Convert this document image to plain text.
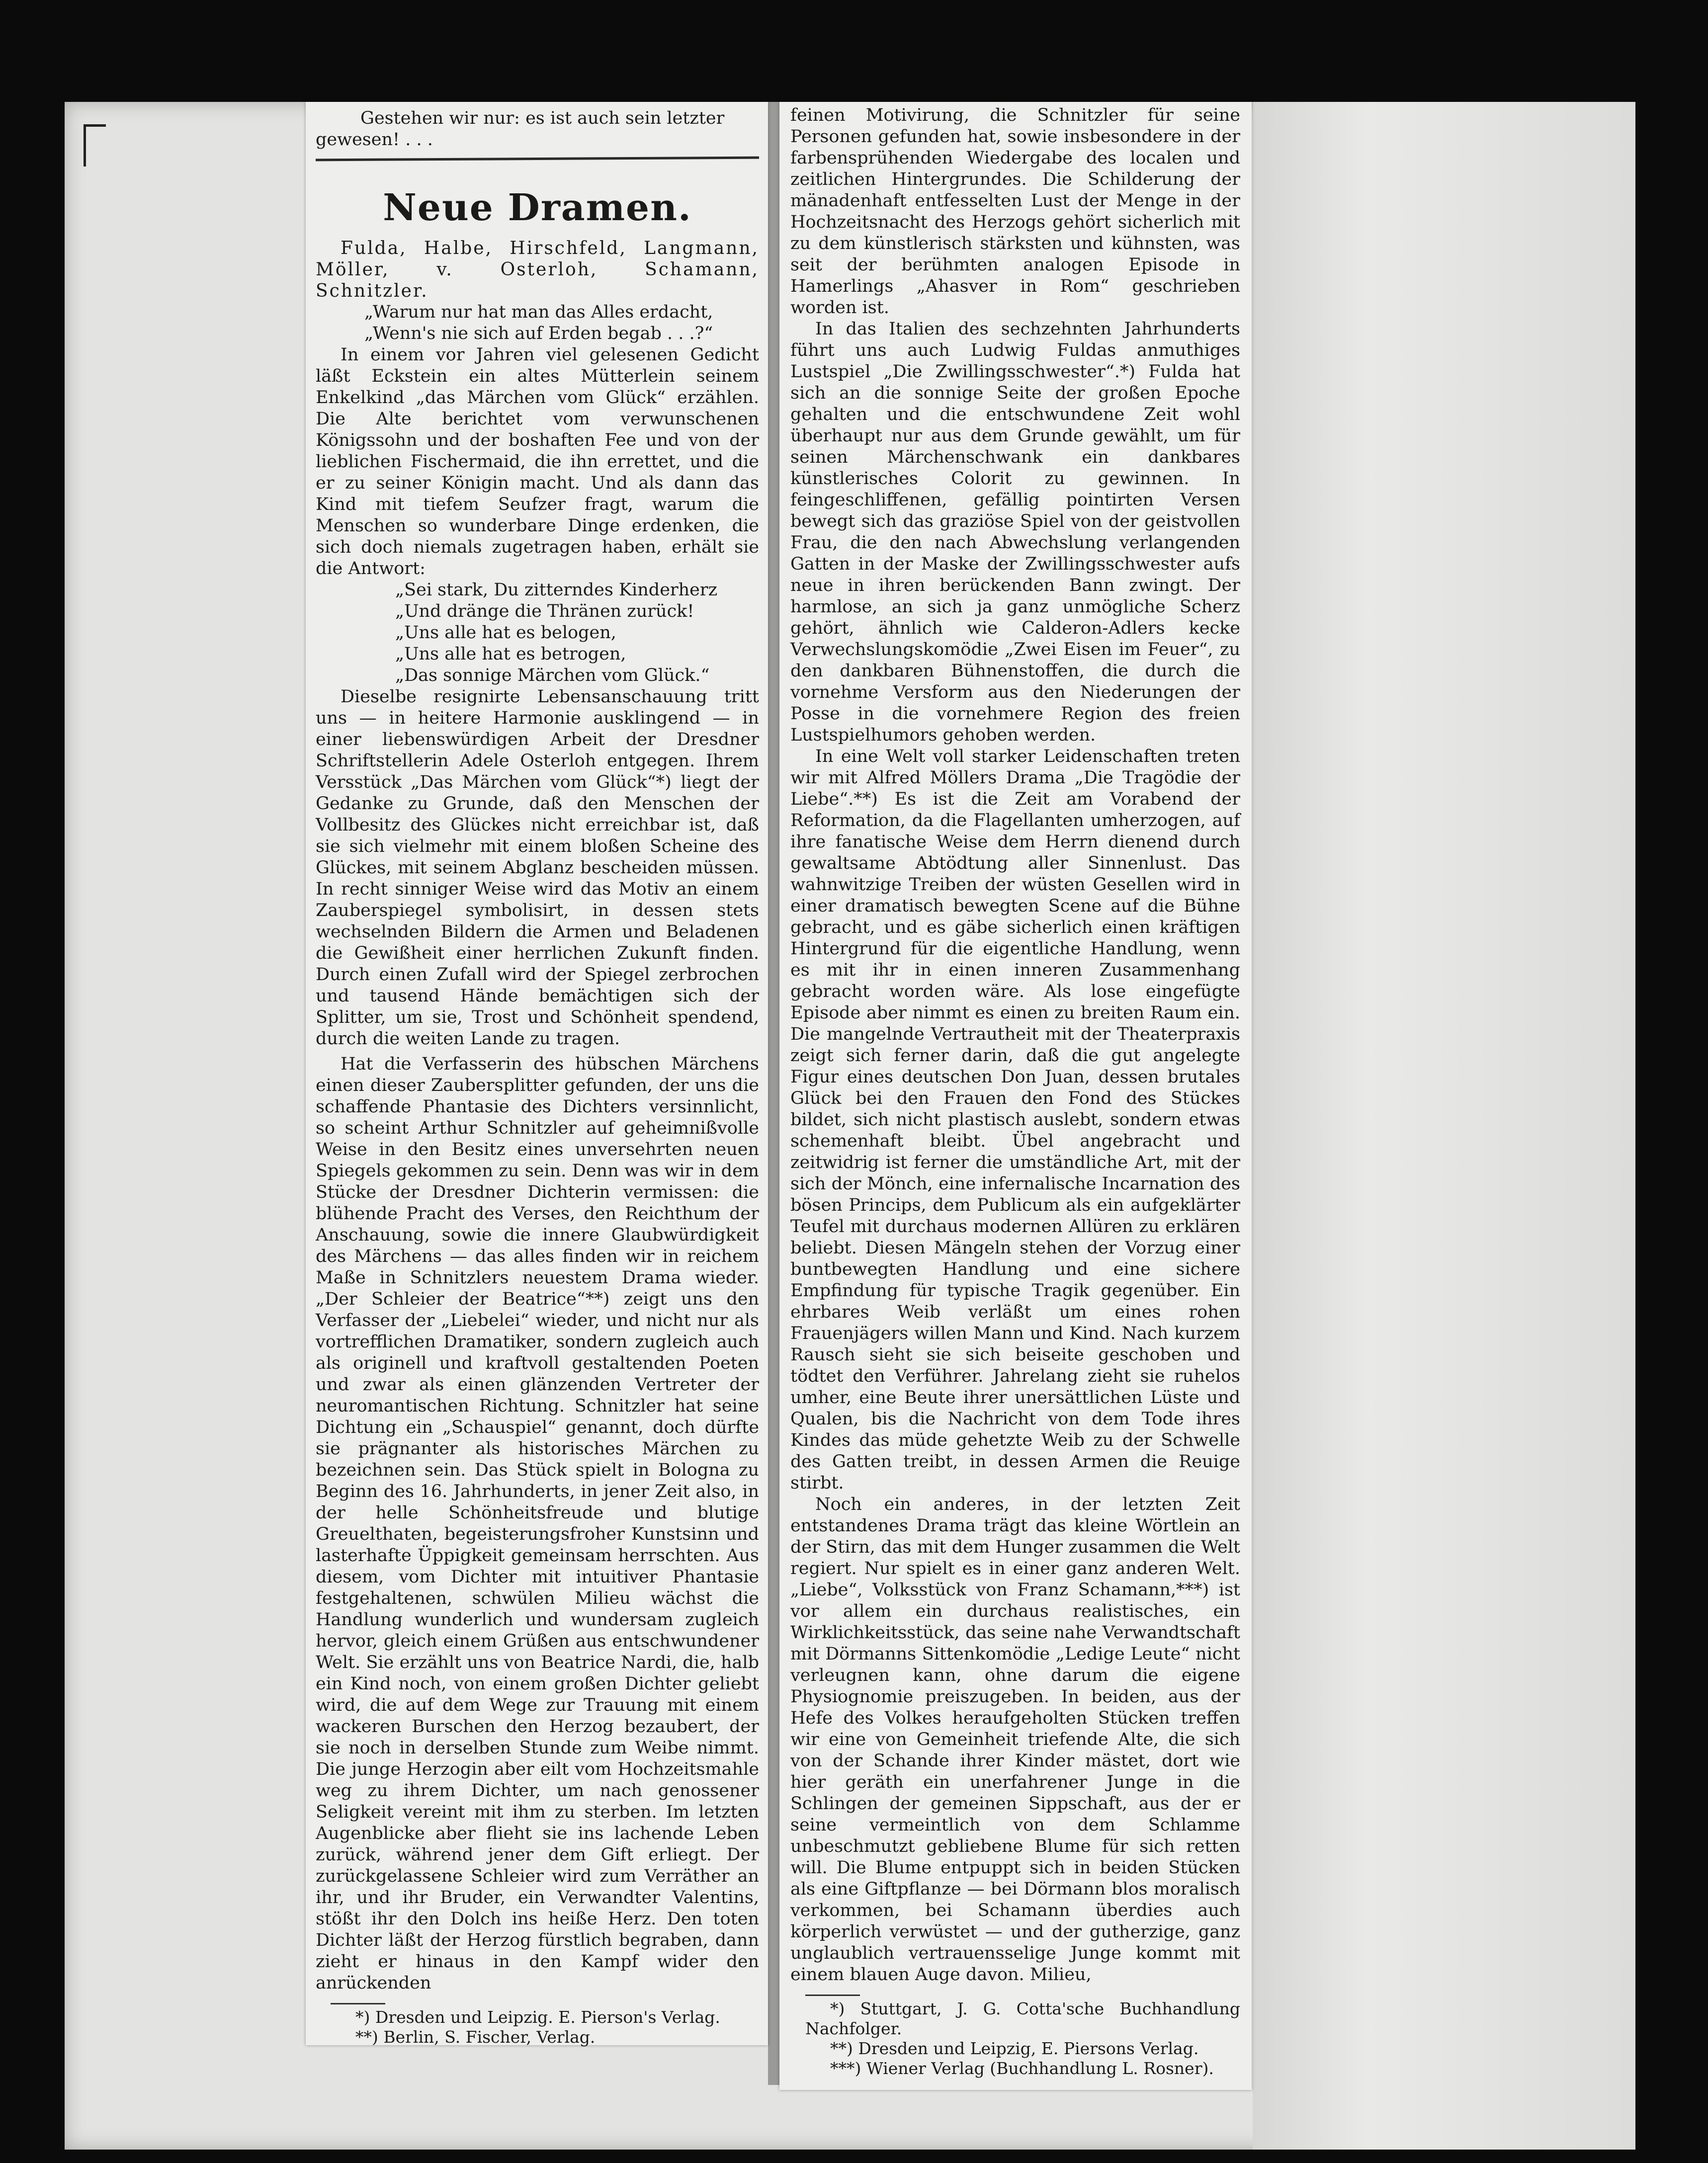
Gestehen wir nur: es ist auch sein letzter

gewesen! . . .

Neue Dramen.

Fulda, Halbe, Hirschfeld, Langmann, Möller, v. Osterloh, Schamann, Schnitzler.

„Warum nur hat man das Alles erdacht,

„Wenn's nie sich auf Erden begab . . .?“

In einem vor Jahren viel gelesenen Gedicht läßt Eckstein ein altes Mütterlein seinem Enkelkind „das Märchen vom Glück“ erzählen. Die Alte berichtet vom verwunschenen Königssohn und der boshaften Fee und von der lieblichen Fischermaid, die ihn errettet, und die er zu seiner Königin macht. Und als dann das Kind mit tiefem Seufzer fragt, warum die Menschen so wunderbare Dinge erdenken, die sich doch niemals zugetragen haben, erhält sie die Antwort:

„Sei stark, Du zitterndes Kinderherz

„Und dränge die Thränen zurück!

„Uns alle hat es belogen,

„Uns alle hat es betrogen,

„Das sonnige Märchen vom Glück.“

Dieselbe resignirte Lebensanschauung tritt uns — in heitere Harmonie ausklingend — in einer liebenswürdigen Arbeit der Dresdner Schriftstellerin Adele Osterloh entgegen. Ihrem Versstück „Das Märchen vom Glück“*) liegt der Gedanke zu Grunde, daß den Menschen der Vollbesitz des Glückes nicht erreichbar ist, daß sie sich vielmehr mit einem bloßen Scheine des Glückes, mit seinem Abglanz bescheiden müssen. In recht sinniger Weise wird das Motiv an einem Zauberspiegel symbolisirt, in dessen stets wechselnden Bildern die Armen und Beladenen die Gewißheit einer herrlichen Zukunft finden. Durch einen Zufall wird der Spiegel zerbrochen und tausend Hände bemächtigen sich der Splitter, um sie, Trost und Schönheit spendend, durch die weiten Lande zu tragen.

Hat die Verfasserin des hübschen Märchens einen dieser Zaubersplitter gefunden, der uns die schaffende Phantasie des Dichters versinnlicht, so scheint Arthur Schnitzler auf geheimnißvolle Weise in den Besitz eines unversehrten neuen Spiegels gekommen zu sein. Denn was wir in dem Stücke der Dresdner Dichterin vermissen: die blühende Pracht des Verses, den Reichthum der Anschauung, sowie die innere Glaubwürdigkeit des Märchens — das alles finden wir in reichem Maße in Schnitzlers neuestem Drama wieder. „Der Schleier der Beatrice“**) zeigt uns den Verfasser der „Liebelei“ wieder, und nicht nur als vortrefflichen Dramatiker, sondern zugleich auch als originell und kraftvoll gestaltenden Poeten und zwar als einen glänzenden Vertreter der neuromantischen Richtung. Schnitzler hat seine Dichtung ein „Schauspiel“ genannt, doch dürfte sie prägnanter als historisches Märchen zu bezeichnen sein. Das Stück spielt in Bologna zu Beginn des 16. Jahrhunderts, in jener Zeit also, in der helle Schönheitsfreude und blutige Greuelthaten, begeisterungsfroher Kunstsinn und lasterhafte Üppigkeit gemeinsam herrschten. Aus diesem, vom Dichter mit intuitiver Phantasie festgehaltenen, schwülen Milieu wächst die Handlung wunderlich und wundersam zugleich hervor, gleich einem Grüßen aus entschwundener Welt. Sie erzählt uns von Beatrice Nardi, die, halb ein Kind noch, von einem großen Dichter geliebt wird, die auf dem Wege zur Trauung mit einem wackeren Burschen den Herzog bezaubert, der sie noch in derselben Stunde zum Weibe nimmt. Die junge Herzogin aber eilt vom Hochzeitsmahle weg zu ihrem Dichter, um nach genossener Seligkeit vereint mit ihm zu sterben. Im letzten Augenblicke aber flieht sie ins lachende Leben zurück, während jener dem Gift erliegt. Der zurückgelassene Schleier wird zum Verräther an ihr, und ihr Bruder, ein Verwandter Valentins, stößt ihr den Dolch ins heiße Herz. Den toten Dichter läßt der Herzog fürstlich begraben, dann zieht er hinaus in den Kampf wider den anrückenden

*) Dresden und Leipzig. E. Pierson's Verlag.

**) Berlin, S. Fischer, Verlag.

feinen Motivirung, die Schnitzler für seine Personen gefunden hat, sowie insbesondere in der farbensprühenden Wiedergabe des localen und zeitlichen Hintergrundes. Die Schilderung der mänadenhaft entfesselten Lust der Menge in der Hochzeitsnacht des Herzogs gehört sicherlich mit zu dem künstlerisch stärksten und kühnsten, was seit der berühmten analogen Episode in Hamerlings „Ahasver in Rom“ geschrieben worden ist.

In das Italien des sechzehnten Jahrhunderts führt uns auch Ludwig Fuldas anmuthiges Lustspiel „Die Zwillingsschwester“.*) Fulda hat sich an die sonnige Seite der großen Epoche gehalten und die entschwundene Zeit wohl überhaupt nur aus dem Grunde gewählt, um für seinen Märchenschwank ein dankbares künstlerisches Colorit zu gewinnen. In feingeschliffenen, gefällig pointirten Versen bewegt sich das graziöse Spiel von der geistvollen Frau, die den nach Abwechslung verlangenden Gatten in der Maske der Zwillingsschwester aufs neue in ihren berückenden Bann zwingt. Der harmlose, an sich ja ganz unmögliche Scherz gehört, ähnlich wie Calderon-Adlers kecke Verwechslungskomödie „Zwei Eisen im Feuer“, zu den dankbaren Bühnenstoffen, die durch die vornehme Versform aus den Niederungen der Posse in die vornehmere Region des freien Lustspielhumors gehoben werden.

In eine Welt voll starker Leidenschaften treten wir mit Alfred Möllers Drama „Die Tragödie der Liebe“.**) Es ist die Zeit am Vorabend der Reformation, da die Flagellanten umherzogen, auf ihre fanatische Weise dem Herrn dienend durch gewaltsame Abtödtung aller Sinnenlust. Das wahnwitzige Treiben der wüsten Gesellen wird in einer dramatisch bewegten Scene auf die Bühne gebracht, und es gäbe sicherlich einen kräftigen Hintergrund für die eigentliche Handlung, wenn es mit ihr in einen inneren Zusammenhang gebracht worden wäre. Als lose eingefügte Episode aber nimmt es einen zu breiten Raum ein. Die mangelnde Vertrautheit mit der Theaterpraxis zeigt sich ferner darin, daß die gut angelegte Figur eines deutschen Don Juan, dessen brutales Glück bei den Frauen den Fond des Stückes bildet, sich nicht plastisch auslebt, sondern etwas schemenhaft bleibt. Übel angebracht und zeitwidrig ist ferner die umständliche Art, mit der sich der Mönch, eine infernalische Incarnation des bösen Princips, dem Publicum als ein aufgeklärter Teufel mit durchaus modernen Allüren zu erklären beliebt. Diesen Mängeln stehen der Vorzug einer buntbewegten Handlung und eine sichere Empfindung für typische Tragik gegenüber. Ein ehrbares Weib verläßt um eines rohen Frauenjägers willen Mann und Kind. Nach kurzem Rausch sieht sie sich beiseite geschoben und tödtet den Verführer. Jahrelang zieht sie ruhelos umher, eine Beute ihrer unersättlichen Lüste und Qualen, bis die Nachricht von dem Tode ihres Kindes das müde gehetzte Weib zu der Schwelle des Gatten treibt, in dessen Armen die Reuige stirbt.

Noch ein anderes, in der letzten Zeit entstandenes Drama trägt das kleine Wörtlein an der Stirn, das mit dem Hunger zusammen die Welt regiert. Nur spielt es in einer ganz anderen Welt. „Liebe“, Volksstück von Franz Schamann,***) ist vor allem ein durchaus realistisches, ein Wirklichkeitsstück, das seine nahe Verwandtschaft mit Dörmanns Sittenkomödie „Ledige Leute“ nicht verleugnen kann, ohne darum die eigene Physiognomie preiszugeben. In beiden, aus der Hefe des Volkes heraufgeholten Stücken treffen wir eine von Gemeinheit triefende Alte, die sich von der Schande ihrer Kinder mästet, dort wie hier geräth ein unerfahrener Junge in die Schlingen der gemeinen Sippschaft, aus der er seine vermeintlich von dem Schlamme unbeschmutzt gebliebene Blume für sich retten will. Die Blume entpuppt sich in beiden Stücken als eine Giftpflanze — bei Dörmann blos moralisch verkommen, bei Schamann überdies auch körperlich verwüstet — und der gutherzige, ganz unglaublich vertrauensselige Junge kommt mit einem blauen Auge davon. Milieu,

*) Stuttgart, J. G. Cotta'sche Buchhandlung Nachfolger.

**) Dresden und Leipzig, E. Piersons Verlag.

***) Wiener Verlag (Buchhandlung L. Rosner).
